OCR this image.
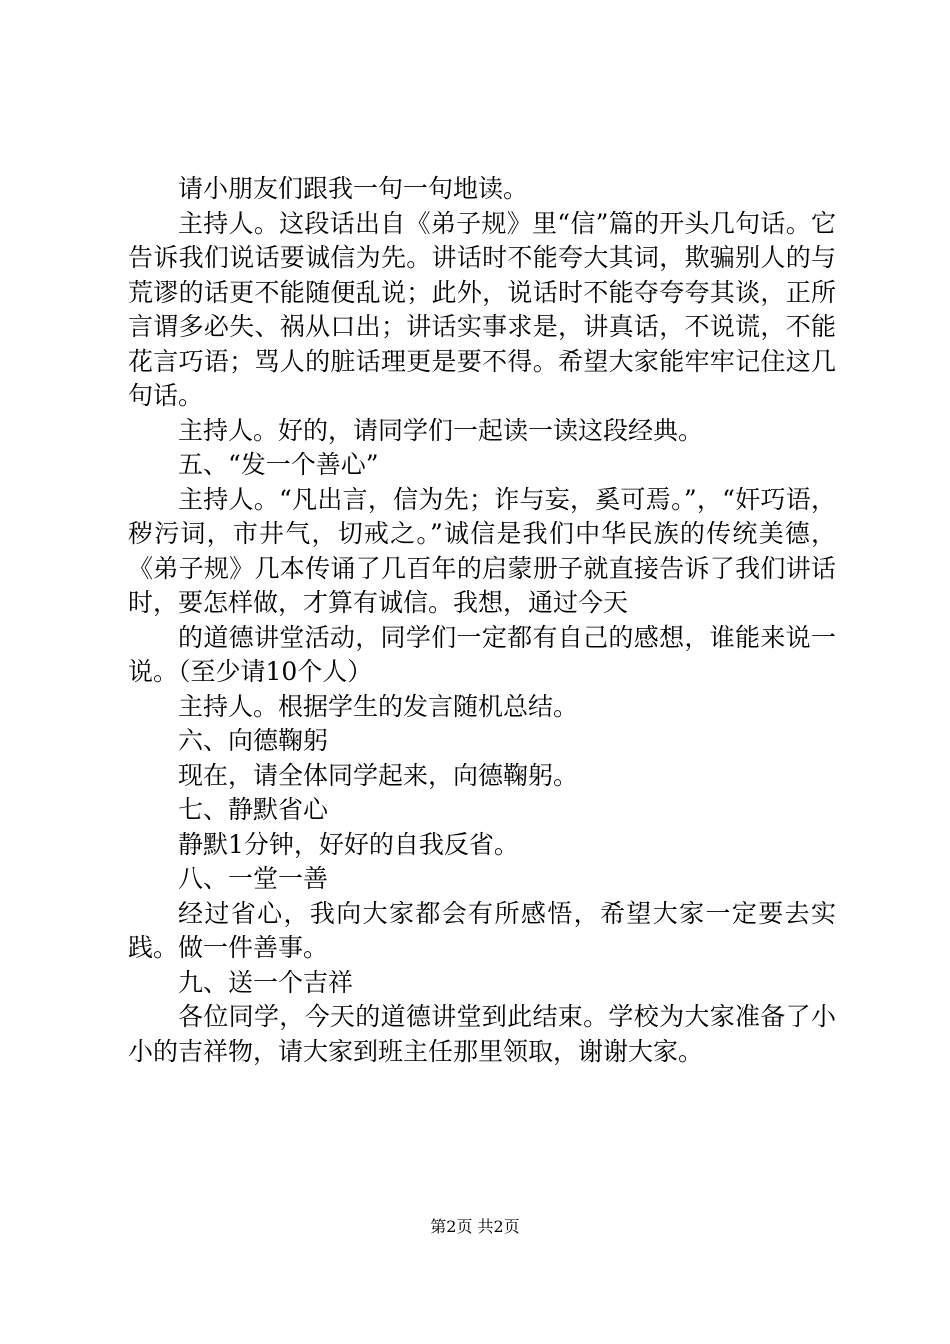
请小朋友们跟我一句一句地读。

主持人。这段话出自《弟子规》里“信”篇的开头几句话。它告诉我们说话要诚信为先。讲话时不能夸大其词，欺骗别人的与荒谬的话更不能随便乱说；此外，说话时不能夺夸夸其谈，正所言谓多必失、祸从口出；讲话实事求是，讲真话，不说谎，不能花言巧语；骂人的脏话理更是要不得。希望大家能牢牢记住这几句话。

主持人。好的，请同学们一起读一读这段经典。

五、“发一个善心”

主持人。“凡出言，信为先；诈与妄，奚可焉。”，“奸巧语，秽污词，市井气，切戒之。”诚信是我们中华民族的传统美德，《弟子规》几本传诵了几百年的启蒙册子就直接告诉了我们讲话时，要怎样做，才算有诚信。我想，通过今天

的道德讲堂活动，同学们一定都有自己的感想，谁能来说一说。（至少请10个人）

主持人。根据学生的发言随机总结。

六、向德鞠躬

现在，请全体同学起来，向德鞠躬。

七、静默省心

静默1分钟，好好的自我反省。

八、一堂一善

经过省心，我向大家都会有所感悟，希望大家一定要去实践。做一件善事。

九、送一个吉祥

各位同学，今天的道德讲堂到此结束。学校为大家准备了小小的吉祥物，请大家到班主任那里领取，谢谢大家。

第2页 共2页
